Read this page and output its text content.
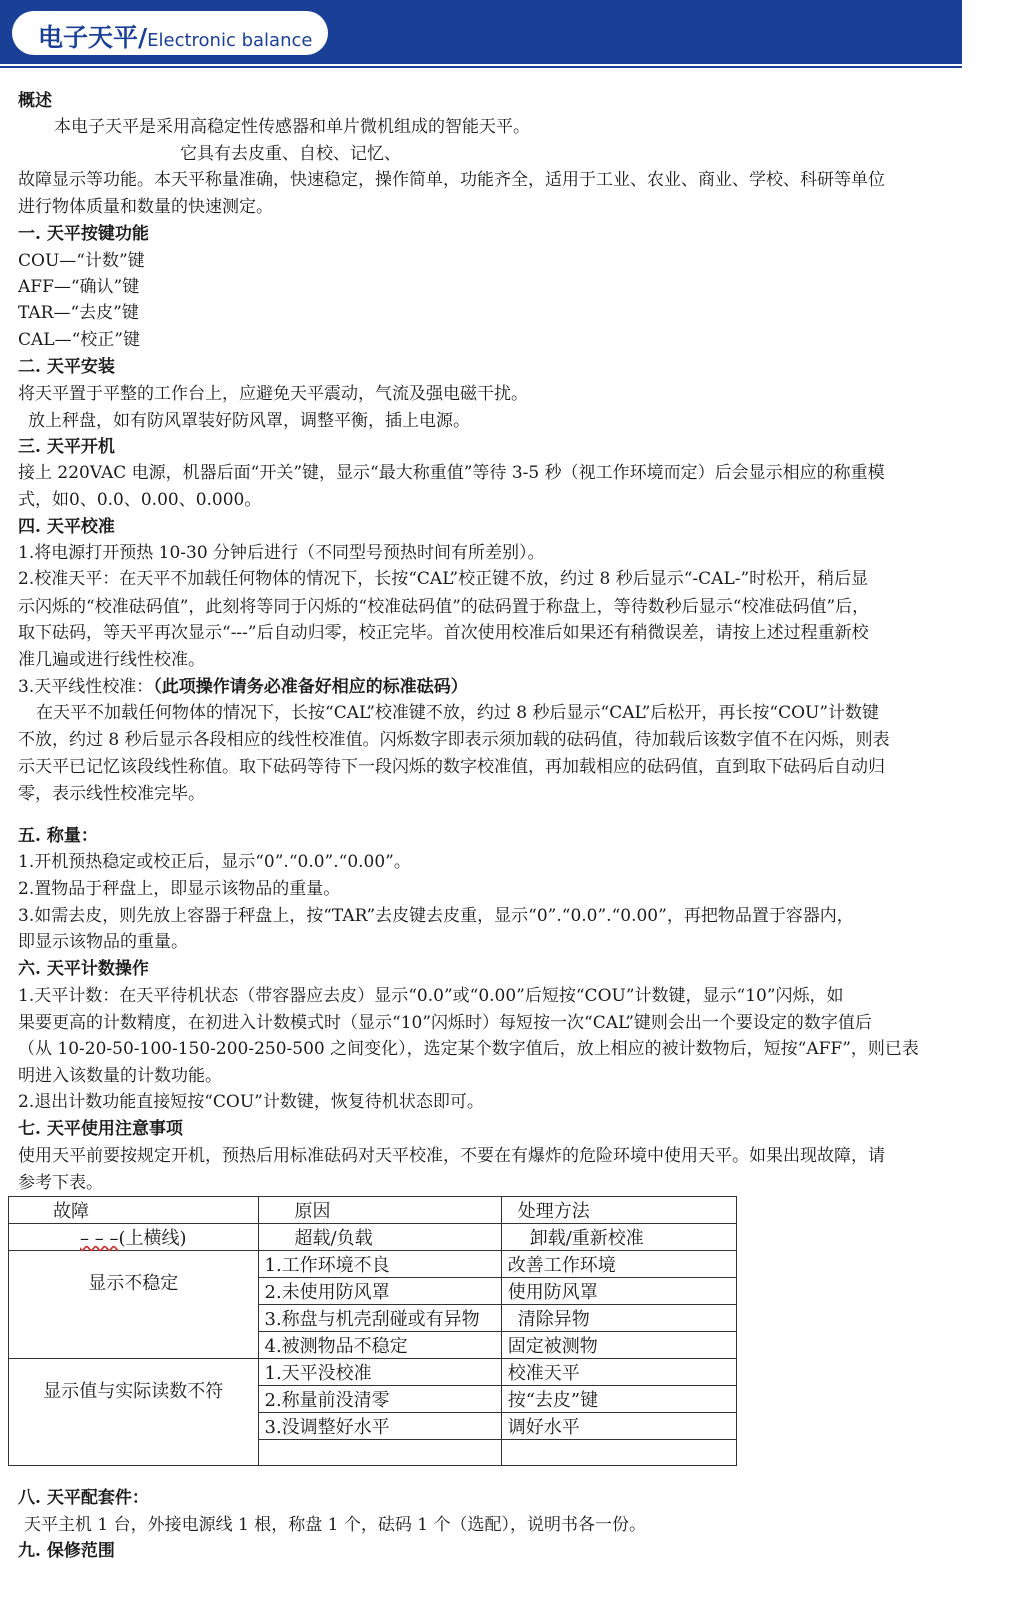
电子天平/Electronic balance
概述
本电子天平是采用高稳定性传感器和单片微机组成的智能天平。
它具有去皮重、自校、记忆、
故障显示等功能。本天平称量准确，快速稳定，操作简单，功能齐全，适用于工业、农业、商业、学校、科研等单位
进行物体质量和数量的快速测定。
一. 天平按键功能
COU—“计数”键
AFF—“确认”键
TAR—“去皮”键
CAL—“校正”键
二. 天平安装
将天平置于平整的工作台上，应避免天平震动，气流及强电磁干扰。
放上秤盘，如有防风罩装好防风罩，调整平衡，插上电源。
三. 天平开机
接上 220VAC 电源，机器后面“开关”键，显示“最大称重值”等待 3-5 秒（视工作环境而定）后会显示相应的称重模
式，如0、0.0、0.00、0.000。
四. 天平校准
1.将电源打开预热 10-30 分钟后进行（不同型号预热时间有所差别）。
2.校准天平：在天平不加载任何物体的情况下，长按“CAL”校正键不放，约过 8 秒后显示“-CAL-”时松开，稍后显
示闪烁的“校准砝码值”，此刻将等同于闪烁的“校准砝码值”的砝码置于称盘上，等待数秒后显示“校准砝码值”后，
取下砝码，等天平再次显示“---”后自动归零，校正完毕。首次使用校准后如果还有稍微误差，请按上述过程重新校
准几遍或进行线性校准。
3.天平线性校准：（此项操作请务必准备好相应的标准砝码）
在天平不加载任何物体的情况下，长按“CAL”校准键不放，约过 8 秒后显示“CAL”后松开，再长按“COU”计数键
不放，约过 8 秒后显示各段相应的线性校准值。闪烁数字即表示须加载的砝码值，待加载后该数字值不在闪烁，则表
示天平已记忆该段线性称值。取下砝码等待下一段闪烁的数字校准值，再加载相应的砝码值，直到取下砝码后自动归
零，表示线性校准完毕。
五. 称量：
1.开机预热稳定或校正后，显示“0”.“0.0”.“0.00”。
2.置物品于秤盘上，即显示该物品的重量。
3.如需去皮，则先放上容器于秤盘上，按“TAR”去皮键去皮重，显示“0”.“0.0”.“0.00”，再把物品置于容器内，
即显示该物品的重量。
六. 天平计数操作
1.天平计数：在天平待机状态（带容器应去皮）显示“0.0”或“0.00”后短按“COU”计数键，显示“10”闪烁，如
果要更高的计数精度，在初进入计数模式时（显示“10”闪烁时）每短按一次“CAL”键则会出一个要设定的数字值后
（从 10-20-50-100-150-200-250-500 之间变化），选定某个数字值后，放上相应的被计数物后，短按“AFF”，则已表
明进入该数量的计数功能。
2.退出计数功能直接短按“COU”计数键，恢复待机状态即可。
七. 天平使用注意事项
使用天平前要按规定开机，预热后用标准砝码对天平校准，不要在有爆炸的危险环境中使用天平。如果出现故障，请
参考下表。
故障	原因	处理方法
– – –(上横线)	超载/负载	卸载/重新校准
显示不稳定	1.工作环境不良	改善工作环境
	2.未使用防风罩	使用防风罩
	3.称盘与机壳刮碰或有异物	清除异物
	4.被测物品不稳定	固定被测物
显示值与实际读数不符	1.天平没校准	校准天平
	2.称量前没清零	按“去皮”键
	3.没调整好水平	调好水平

八. 天平配套件：
天平主机 1 台，外接电源线 1 根，称盘 1 个，砝码 1 个（选配），说明书各一份。
九. 保修范围
